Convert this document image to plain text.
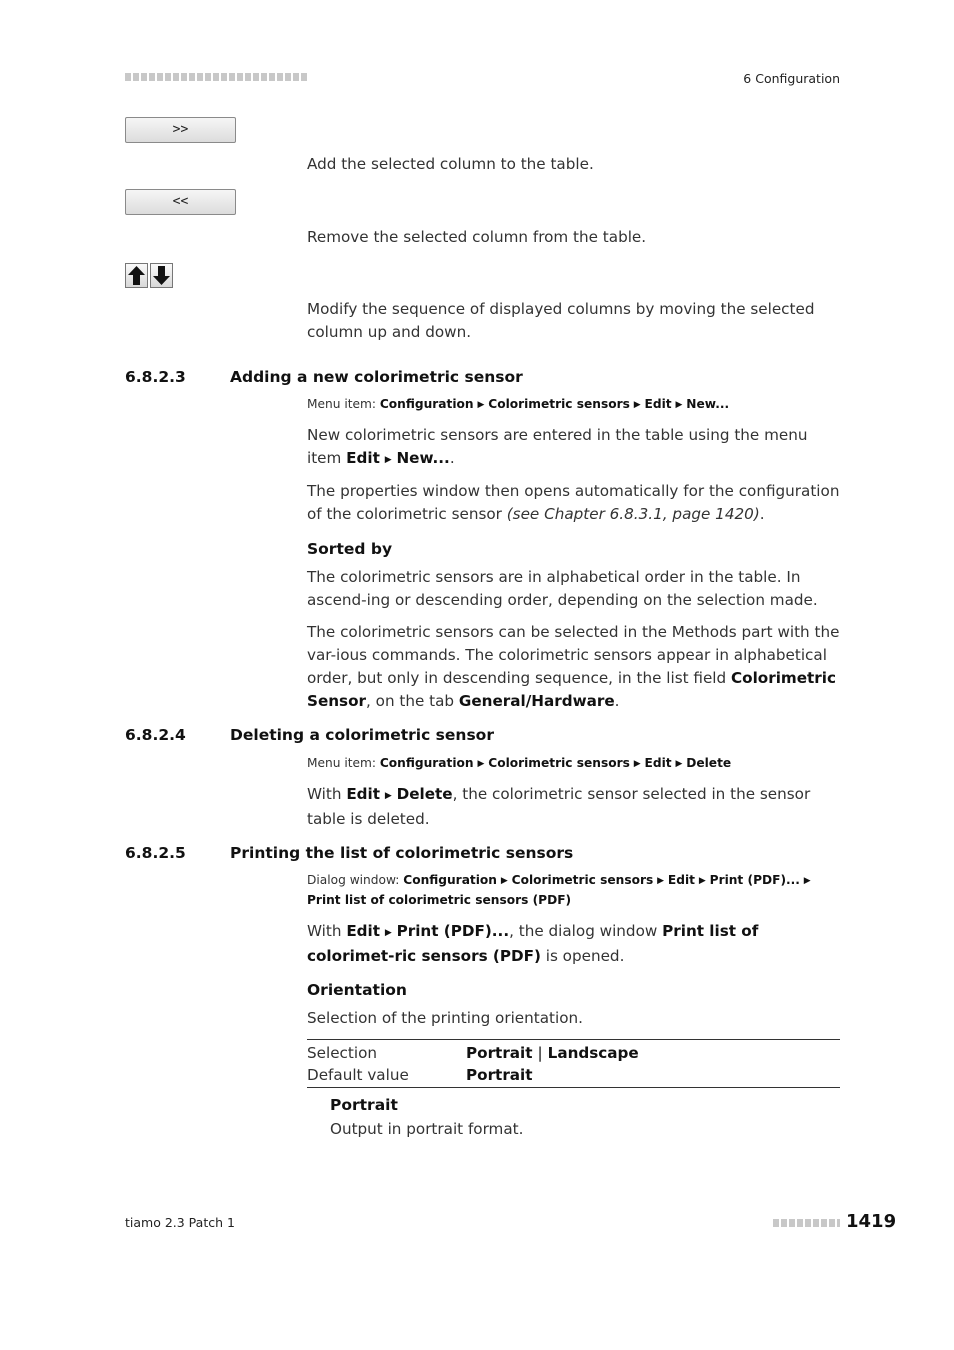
6 Configuration
>>
Add the selected column to the table.
<<
Remove the selected column from the table.
Modify the sequence of displayed columns by moving the selected column up and down.
6.8.2.3	Adding a new colorimetric sensor
Menu item: Configuration ▶ Colorimetric sensors ▶ Edit ▶ New...
New colorimetric sensors are entered in the table using the menu item Edit ▶ New....
The properties window then opens automatically for the configuration of the colorimetric sensor (see Chapter 6.8.3.1, page 1420).
Sorted by
The colorimetric sensors are in alphabetical order in the table. In ascend-ing or descending order, depending on the selection made.
The colorimetric sensors can be selected in the Methods part with the var-ious commands. The colorimetric sensors appear in alphabetical order, but only in descending sequence, in the list field Colorimetric Sensor, on the tab General/Hardware.
6.8.2.4	Deleting a colorimetric sensor
Menu item: Configuration ▶ Colorimetric sensors ▶ Edit ▶ Delete
With Edit ▶ Delete, the colorimetric sensor selected in the sensor table is deleted.
6.8.2.5	Printing the list of colorimetric sensors
Dialog window: Configuration ▶ Colorimetric sensors ▶ Edit ▶ Print (PDF)... ▶ Print list of colorimetric sensors (PDF)
With Edit ▶ Print (PDF)..., the dialog window Print list of colorimet-ric sensors (PDF) is opened.
Orientation
Selection of the printing orientation.
Selection	Portrait | Landscape
Default value	Portrait
Portrait
Output in portrait format.
tiamo 2.3 Patch 1	1419
